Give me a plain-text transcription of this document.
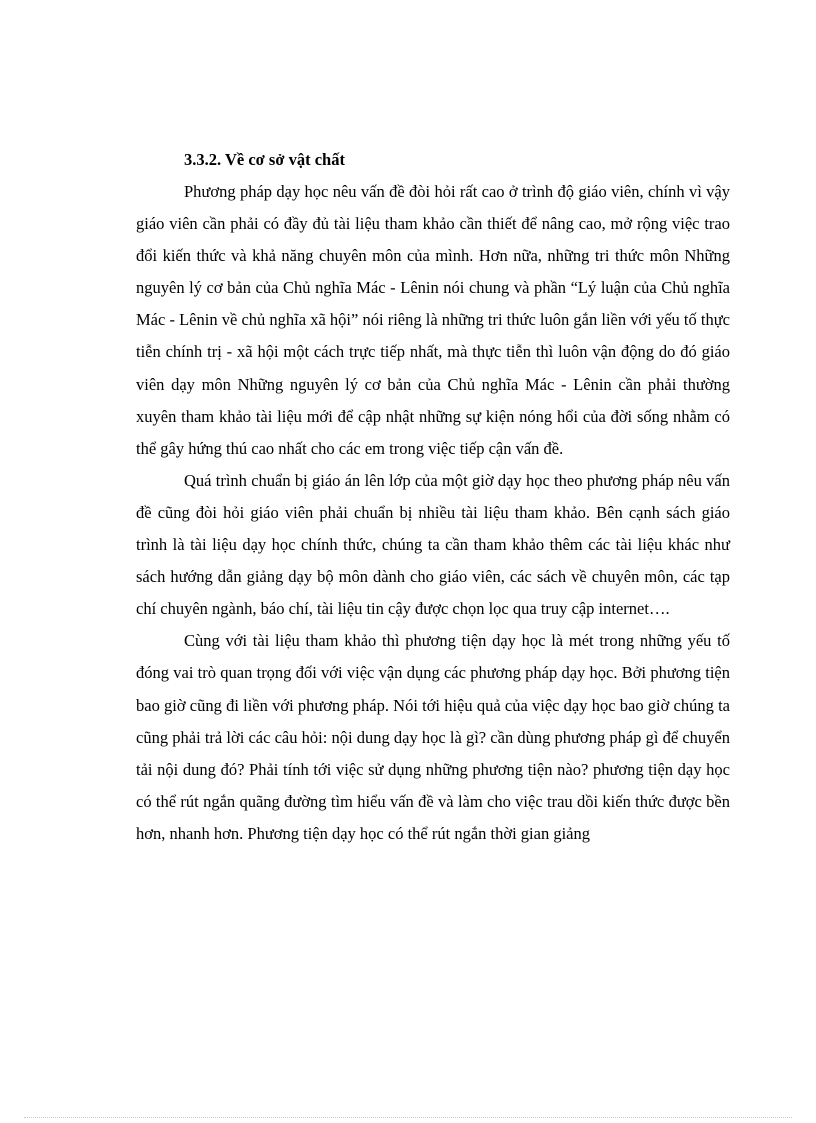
3.3.2. Về cơ sở vật chất

Phương pháp dạy học nêu vấn đề đòi hỏi rất cao ở trình độ giáo viên, chính vì vậy giáo viên cần phải có đầy đủ tài liệu tham khảo cần thiết để nâng cao, mở rộng việc trao đổi kiến thức và khả năng chuyên môn của mình. Hơn nữa, những tri thức môn Những nguyên lý cơ bản của Chủ nghĩa Mác - Lênin nói chung và phần “Lý luận của Chủ nghĩa Mác - Lênin về chủ nghĩa xã hội” nói riêng là những tri thức luôn gắn liền với yếu tố thực tiễn chính trị - xã hội một cách trực tiếp nhất, mà thực tiễn thì luôn vận động do đó giáo viên dạy môn Những nguyên lý cơ bản của Chủ nghĩa Mác - Lênin cần phải thường xuyên tham khảo tài liệu mới để cập nhật những sự kiện nóng hổi của đời sống nhằm có thể gây hứng thú cao nhất cho các em trong việc tiếp cận vấn đề.

Quá trình chuẩn bị giáo án lên lớp của một giờ dạy học theo phương pháp nêu vấn đề cũng đòi hỏi giáo viên phải chuẩn bị nhiều tài liệu tham khảo. Bên cạnh sách giáo trình là tài liệu dạy học chính thức, chúng ta cần tham khảo thêm các tài liệu khác như sách hướng dẫn giảng dạy bộ môn dành cho giáo viên, các sách về chuyên môn, các tạp chí chuyên ngành, báo chí, tài liệu tin cậy được chọn lọc qua truy cập internet….

Cùng với tài liệu tham khảo thì phương tiện dạy học là mét trong những yếu tố đóng vai trò quan trọng đối với việc vận dụng các phương pháp dạy học. Bởi phương tiện bao giờ cũng đi liền với phương pháp. Nói tới hiệu quả của việc dạy học bao giờ chúng ta cũng phải trả lời các câu hỏi: nội dung dạy học là gì? cần dùng phương pháp gì để chuyển tải nội dung đó? Phải tính tới việc sử dụng những phương tiện nào? phương tiện dạy học có thể rút ngắn quãng đường tìm hiểu vấn đề và làm cho việc trau dồi kiến thức được bền hơn, nhanh hơn. Phương tiện dạy học có thể rút ngắn thời gian giảng
